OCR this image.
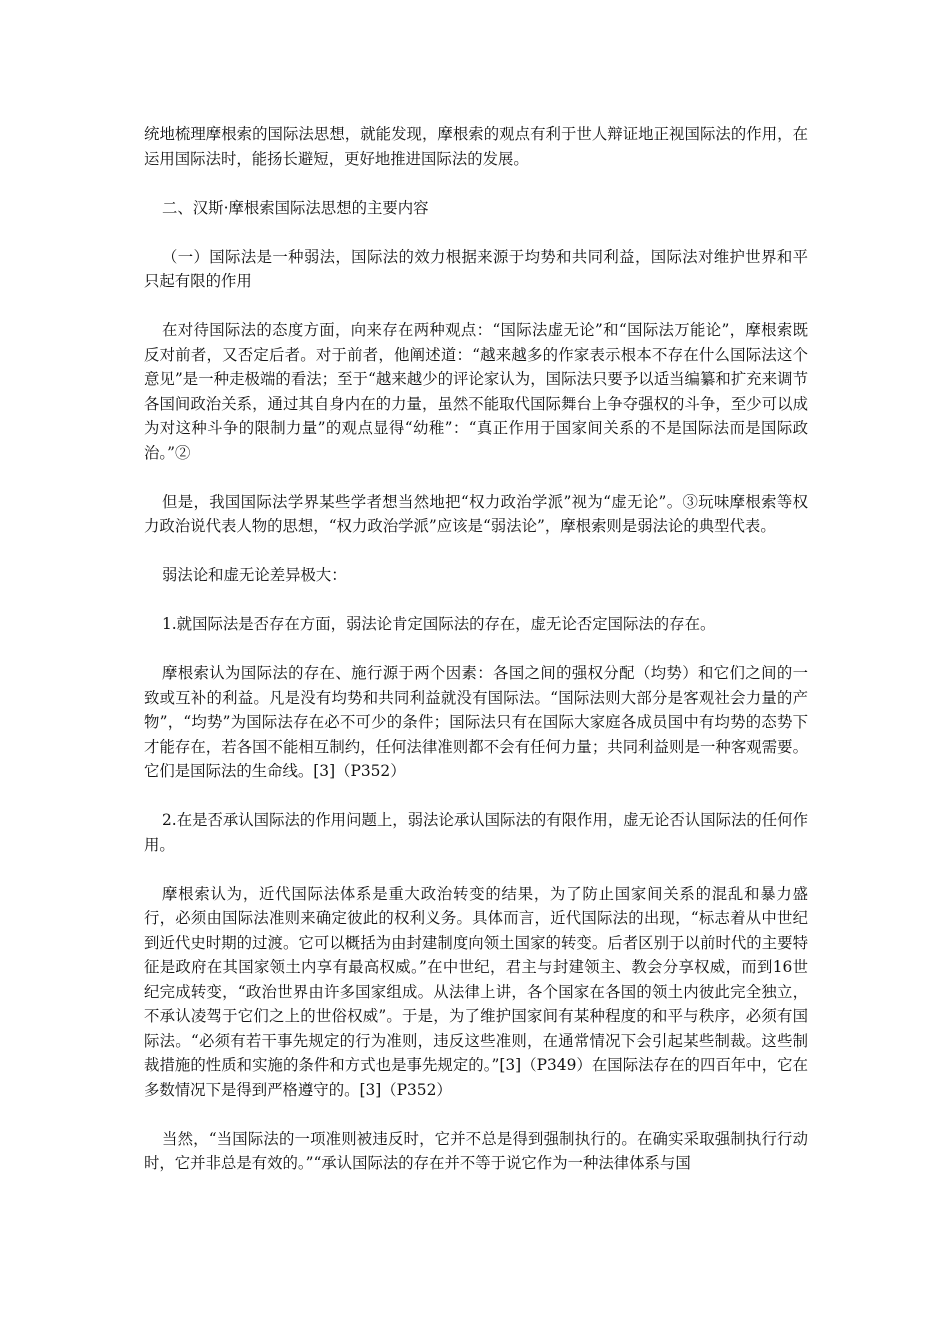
统地梳理摩根索的国际法思想，就能发现，摩根索的观点有利于世人辩证地正视国际法的作用，在运用国际法时，能扬长避短，更好地推进国际法的发展。

二、汉斯·摩根索国际法思想的主要内容

（一）国际法是一种弱法，国际法的效力根据来源于均势和共同利益，国际法对维护世界和平只起有限的作用

在对待国际法的态度方面，向来存在两种观点：“国际法虚无论”和“国际法万能论”，摩根索既反对前者，又否定后者。对于前者，他阐述道：“越来越多的作家表示根本不存在什么国际法这个意见”是一种走极端的看法；至于“越来越少的评论家认为，国际法只要予以适当编纂和扩充来调节各国间政治关系，通过其自身内在的力量，虽然不能取代国际舞台上争夺强权的斗争，至少可以成为对这种斗争的限制力量”的观点显得“幼稚”：“真正作用于国家间关系的不是国际法而是国际政治。”②

但是，我国国际法学界某些学者想当然地把“权力政治学派”视为“虚无论”。③玩味摩根索等权力政治说代表人物的思想，“权力政治学派”应该是“弱法论”，摩根索则是弱法论的典型代表。

弱法论和虚无论差异极大：

1.就国际法是否存在方面，弱法论肯定国际法的存在，虚无论否定国际法的存在。

摩根索认为国际法的存在、施行源于两个因素：各国之间的强权分配（均势）和它们之间的一致或互补的利益。凡是没有均势和共同利益就没有国际法。“国际法则大部分是客观社会力量的产物”，“均势”为国际法存在必不可少的条件；国际法只有在国际大家庭各成员国中有均势的态势下才能存在，若各国不能相互制约，任何法律准则都不会有任何力量；共同利益则是一种客观需要。它们是国际法的生命线。[3]（P352）

2.在是否承认国际法的作用问题上，弱法论承认国际法的有限作用，虚无论否认国际法的任何作用。

摩根索认为，近代国际法体系是重大政治转变的结果，为了防止国家间关系的混乱和暴力盛行，必须由国际法准则来确定彼此的权利义务。具体而言，近代国际法的出现，“标志着从中世纪到近代史时期的过渡。它可以概括为由封建制度向领土国家的转变。后者区别于以前时代的主要特征是政府在其国家领土内享有最高权威。”在中世纪，君主与封建领主、教会分享权威，而到16世纪完成转变，“政治世界由许多国家组成。从法律上讲，各个国家在各国的领土内彼此完全独立，不承认凌驾于它们之上的世俗权威”。于是，为了维护国家间有某种程度的和平与秩序，必须有国际法。“必须有若干事先规定的行为准则，违反这些准则，在通常情况下会引起某些制裁。这些制裁措施的性质和实施的条件和方式也是事先规定的。”[3]（P349）在国际法存在的四百年中，它在多数情况下是得到严格遵守的。[3]（P352）

当然，“当国际法的一项准则被违反时，它并不总是得到强制执行的。在确实采取强制执行行动时，它并非总是有效的。”“承认国际法的存在并不等于说它作为一种法律体系与国
